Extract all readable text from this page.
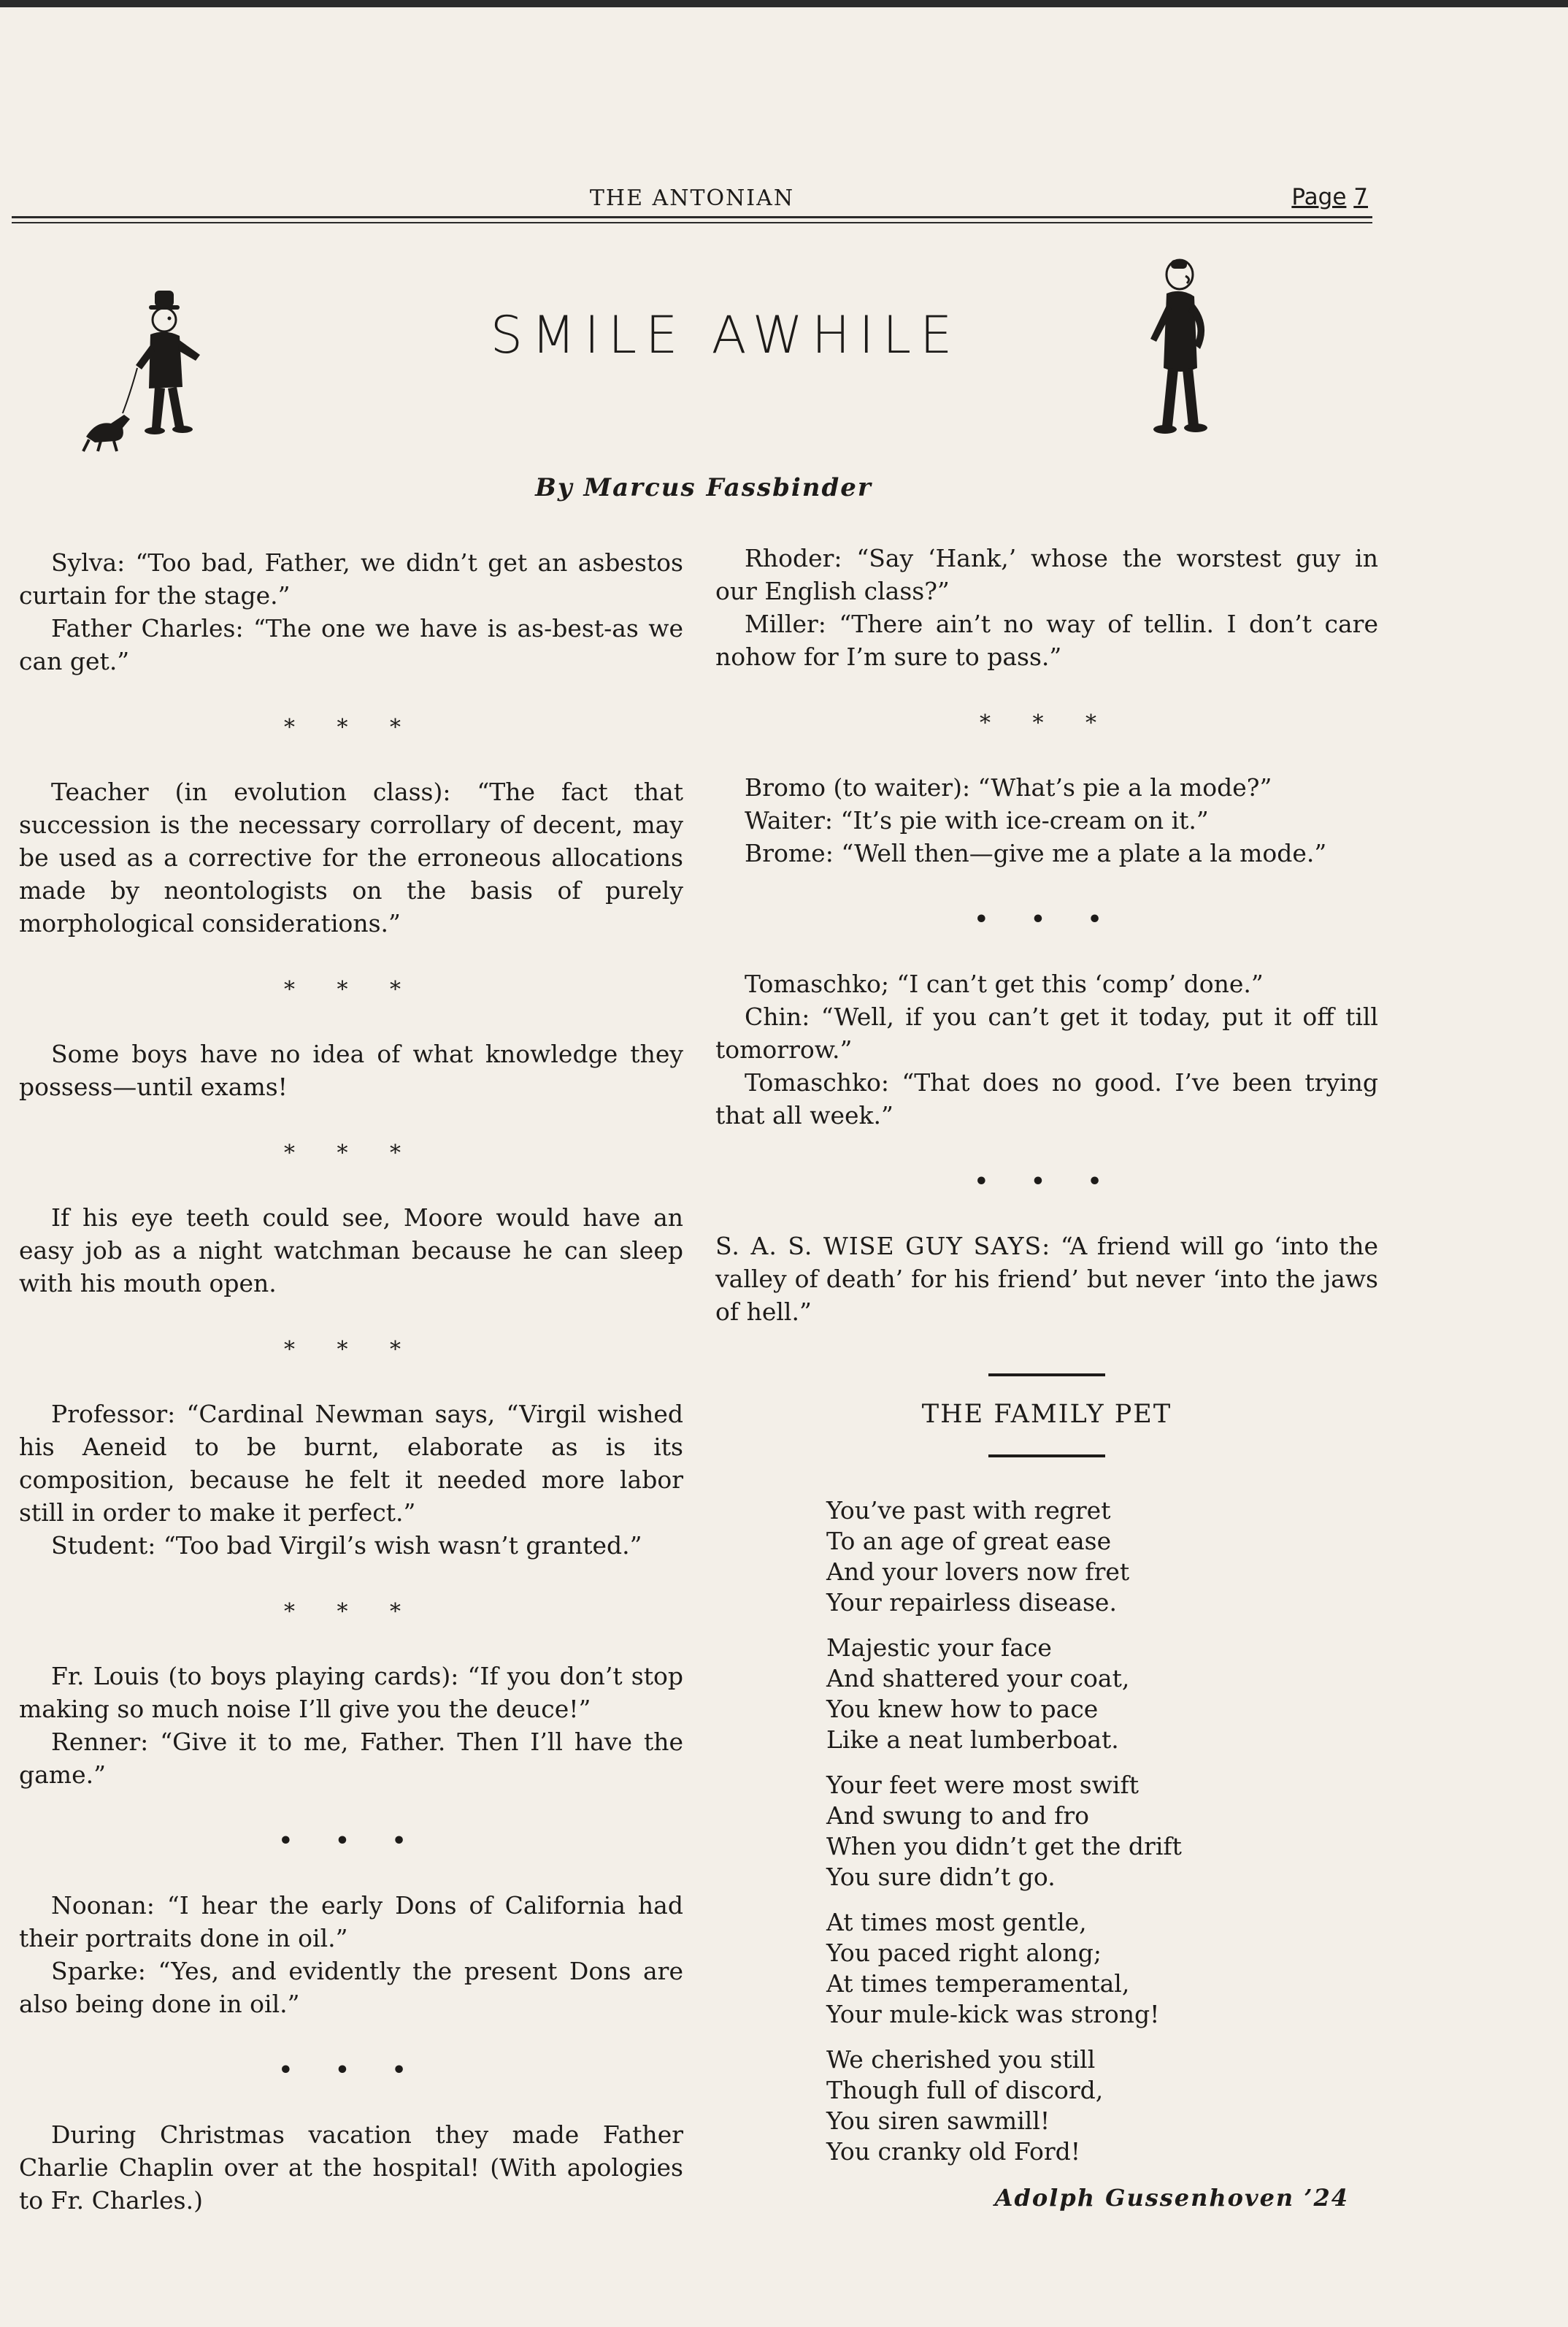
THE ANTONIAN	Page 7
SMILE AWHILE
By Marcus Fassbinder

Sylva: “Too bad, Father, we didn’t get an asbestos curtain for the stage.”

Father Charles: “The one we have is as-best-as we can get.”

* * *

Teacher (in evolution class): “The fact that succession is the necessary corrollary of decent, may be used as a corrective for the erroneous allocations made by neontologists on the basis of purely morphological considerations.”

* * *

Some boys have no idea of what knowledge they possess—until exams!

* * *

If his eye teeth could see, Moore would have an easy job as a night watchman because he can sleep with his mouth open.

* * *

Professor: “Cardinal Newman says, “Virgil wished his Aeneid to be burnt, elaborate as is its composition, because he felt it needed more labor still in order to make it perfect.”

Student: “Too bad Virgil’s wish wasn’t granted.”

* * *

Fr. Louis (to boys playing cards): “If you don’t stop making so much noise I’ll give you the deuce!”

Renner: “Give it to me, Father. Then I’ll have the game.”

• • •

Noonan: “I hear the early Dons of California had their portraits done in oil.”

Sparke: “Yes, and evidently the present Dons are also being done in oil.”

• • •

During Christmas vacation they made Father Charlie Chaplin over at the hospital! (With apologies to Fr. Charles.)

Rhoder: “Say ‘Hank,’ whose the worstest guy in our English class?”

Miller: “There ain’t no way of tellin. I don’t care nohow for I’m sure to pass.”

* * *

Bromo (to waiter): “What’s pie a la mode?”

Waiter: “It’s pie with ice-cream on it.”

Brome: “Well then—give me a plate a la mode.”

• • •

Tomaschko; “I can’t get this ‘comp’ done.”

Chin: “Well, if you can’t get it today, put it off till tomorrow.”

Tomaschko: “That does no good. I’ve been trying that all week.”

• • •

S. A. S. WISE GUY SAYS: “A friend will go ‘into the valley of death’ for his friend’ but never ‘into the jaws of hell.”

THE FAMILY PET
You’ve past with regret
To an age of great ease
And your lovers now fret
Your repairless disease.
Majestic your face
And shattered your coat,
You knew how to pace
Like a neat lumberboat.
Your feet were most swift
And swung to and fro
When you didn’t get the drift
You sure didn’t go.
At times most gentle,
You paced right along;
At times temperamental,
Your mule-kick was strong!
We cherished you still
Though full of discord,
You siren sawmill!
You cranky old Ford!
Adolph Gussenhoven ’24
